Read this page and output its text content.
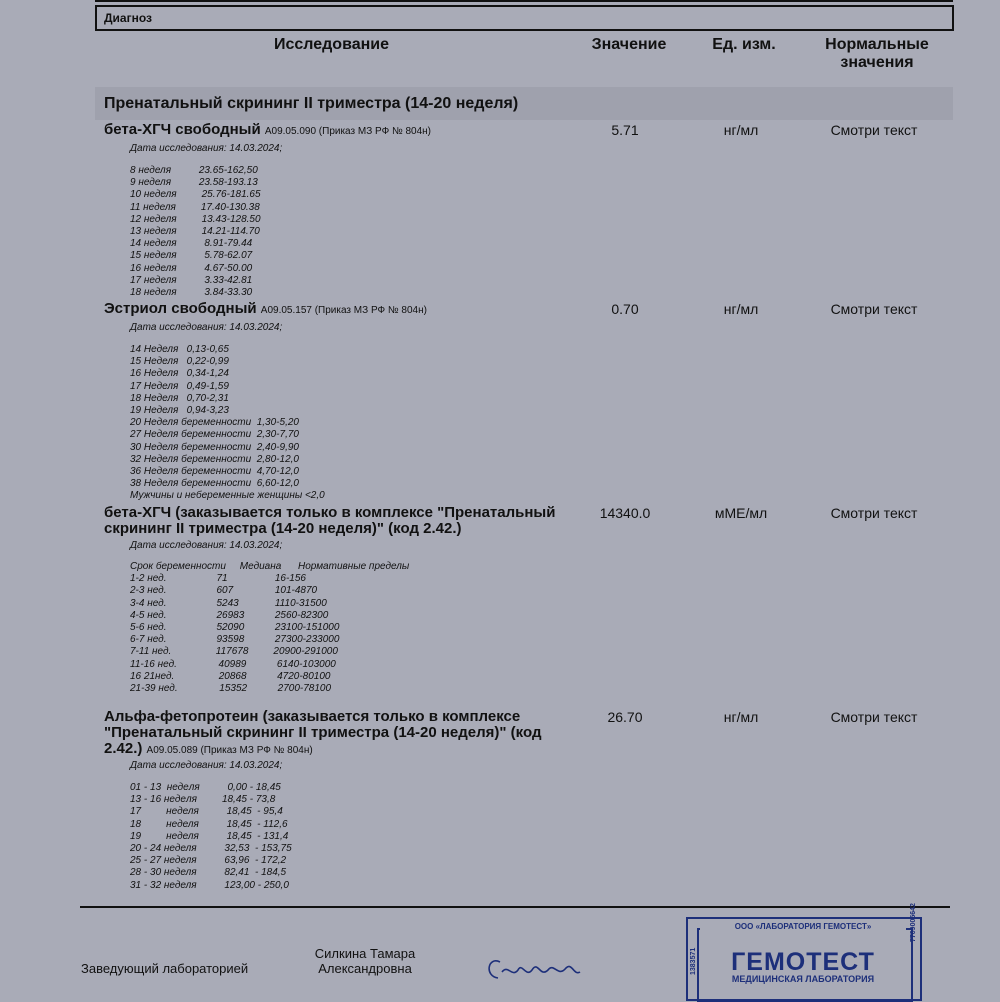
Диагноз
Исследование	Значение	Ед. изм.	Нормальные
значения
Пренатальный скрининг II триместра (14-20 неделя)
бета-ХГЧ свободный A09.05.090 (Приказ МЗ РФ № 804н)	5.71	нг/мл	Смотри текст
Дата исследования: 14.03.2024;
8 неделя          23.65-162,50
9 неделя          23.58-193.13
10 неделя         25.76-181.65
11 неделя         17.40-130.38
12 неделя         13.43-128.50
13 неделя         14.21-114.70
14 неделя          8.91-79.44
15 неделя          5.78-62.07
16 неделя          4.67-50.00
17 неделя          3.33-42.81
18 неделя          3.84-33.30
Эстриол свободный A09.05.157 (Приказ МЗ РФ № 804н)	0.70	нг/мл	Смотри текст
Дата исследования: 14.03.2024;
14 Неделя   0,13-0,65
15 Неделя   0,22-0,99
16 Неделя   0,34-1,24
17 Неделя   0,49-1,59
18 Неделя   0,70-2,31
19 Неделя   0,94-3,23
20 Неделя беременности  1,30-5,20
27 Неделя беременности  2,30-7,70
30 Неделя беременности  2,40-9,90
32 Неделя беременности  2,80-12,0
36 Неделя беременности  4,70-12,0
38 Неделя беременности  6,60-12,0
Мужчины и небеременные женщины <2,0
бета-ХГЧ (заказывается только в комплексе "Пренатальный
скрининг II триместра (14-20 неделя)" (код 2.42.)
14340.0	мМЕ/мл	Смотри текст
Дата исследования: 14.03.2024;
Срок беременности     Медиана      Нормативные пределы
1-2 нед.                  71                 16-156
2-3 нед.                  607               101-4870
3-4 нед.                  5243             1110-31500
4-5 нед.                  26983           2560-82300
5-6 нед.                  52090           23100-151000
6-7 нед.                  93598           27300-233000
7-11 нед.                117678         20900-291000
11-16 нед.               40989           6140-103000
16 21нед.                20868           4720-80100
21-39 нед.               15352           2700-78100
Альфа-фетопротеин (заказывается только в комплексе
"Пренатальный скрининг II триместра (14-20 неделя)" (код
2.42.) A09.05.089 (Приказ МЗ РФ № 804н)
26.70	нг/мл	Смотри текст
Дата исследования: 14.03.2024;
01 - 13  недeля          0,00 - 18,45
13 - 16 недeля         18,45 - 73,8
17         неделя          18,45  - 95,4
18         неделя          18,45  - 112,6
19         неделя          18,45  - 131,4
20 - 24 неделя          32,53  - 153,75
25 - 27 неделя          63,96  - 172,2
28 - 30 неделя          82,41  - 184,5
31 - 32 неделя          123,00 - 250,0
Заведующий лабораторией
Силкина Тамара
Александровна
ООО «ЛАБОРАТОРИЯ ГЕМОТЕСТ»
ГЕМОТЕСТ
МЕДИЦИНСКАЯ ЛАБОРАТОРИЯ
1383571
7709005642
